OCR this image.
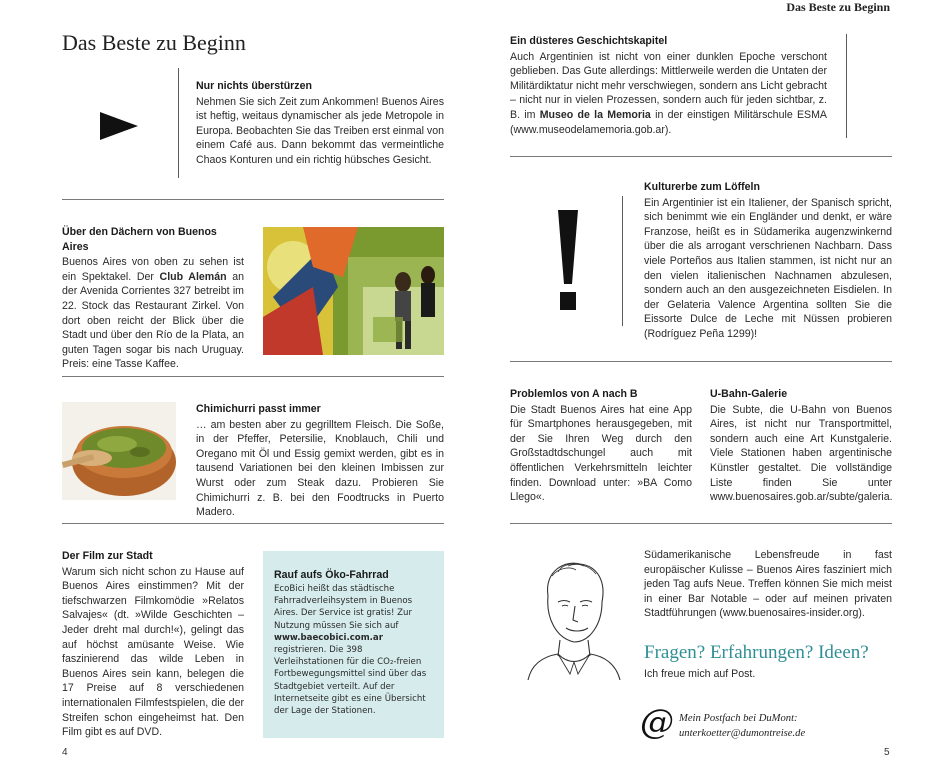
Das Beste zu Beginn
Das Beste zu Beginn
Nur nichts überstürzen
Nehmen Sie sich Zeit zum Ankommen! Buenos Aires ist heftig, weitaus dynamischer als jede Metropole in Europa. Beobachten Sie das Treiben erst einmal von einem Café aus. Dann bekommt das vermeintliche Chaos Konturen und ein richtig hübsches Gesicht.
Über den Dächern von Buenos Aires
Buenos Aires von oben zu sehen ist ein Spektakel. Der Club Alemán an der Avenida Corrientes 327 betreibt im 22. Stock das Restaurant Zirkel. Von dort oben reicht der Blick über die Stadt und über den Río de la Plata, an guten Tagen sogar bis nach Uruguay. Preis: eine Tasse Kaffee.
Chimichurri passt immer
… am besten aber zu gegrilltem Fleisch. Die Soße, in der Pfeffer, Petersilie, Knoblauch, Chili und Oregano mit Öl und Essig gemixt werden, gibt es in tausend Variationen bei den kleinen Imbissen zur Wurst oder zum Steak dazu. Probieren Sie Chimichurri z. B. bei den Foodtrucks in Puerto Madero.
Der Film zur Stadt
Warum sich nicht schon zu Hause auf Buenos Aires einstimmen? Mit der tiefschwarzen Filmkomödie »Relatos Salvajes« (dt. »Wilde Geschichten – Jeder dreht mal durch!«), gelingt das auf höchst amüsante Weise. Wie faszinierend das wilde Leben in Buenos Aires sein kann, belegen die 17 Preise auf 8 verschiedenen internationalen Filmfestspielen, die der Streifen schon eingeheimst hat. Den Film gibt es auf DVD.
Rauf aufs Öko-Fahrrad
EcoBici heißt das städtische Fahrradverleihsystem in Buenos Aires. Der Service ist gratis! Zur Nutzung müssen Sie sich auf www.baecobici.com.ar registrieren. Die 398 Verleihstationen für die CO₂-freien Fortbewegungsmittel sind über das Stadtgebiet verteilt. Auf der Internetseite gibt es eine Übersicht der Lage der Stationen.
4
Ein düsteres Geschichtskapitel
Auch Argentinien ist nicht von einer dunklen Epoche verschont geblieben. Das Gute allerdings: Mittlerweile werden die Untaten der Militärdiktatur nicht mehr verschwiegen, sondern ans Licht gebracht – nicht nur in vielen Prozessen, sondern auch für jeden sichtbar, z. B. im Museo de la Memoria in der einstigen Militärschule ESMA (www.museodelamemoria.gob.ar).
Kulturerbe zum Löffeln
Ein Argentinier ist ein Italiener, der Spanisch spricht, sich benimmt wie ein Engländer und denkt, er wäre Franzose, heißt es in Südamerika augenzwinkernd über die als arrogant verschrienen Nachbarn. Dass viele Porteños aus Italien stammen, ist nicht nur an den vielen italienischen Nachnamen abzulesen, sondern auch an den ausgezeichneten Eisdielen. In der Gelateria Valence Argentina sollten Sie die Eissorte Dulce de Leche mit Nüssen probieren (Rodríguez Peña 1299)!
Problemlos von A nach B
Die Stadt Buenos Aires hat eine App für Smartphones herausgegeben, mit der Sie Ihren Weg durch den Großstadtdschungel auch mit öffentlichen Verkehrsmitteln leichter finden. Download unter: »BA Como Llego«.
U-Bahn-Galerie
Die Subte, die U-Bahn von Buenos Aires, ist nicht nur Transportmittel, sondern auch eine Art Kunstgalerie. Viele Stationen haben argentinische Künstler gestaltet. Die vollständige Liste finden Sie unter www.buenosaires.gob.ar/subte/galeria.
Südamerikanische Lebensfreude in fast europäischer Kulisse – Buenos Aires fasziniert mich jeden Tag aufs Neue. Treffen können Sie mich meist in einer Bar Notable – oder auf meinen privaten Stadtführungen (www.buenosaires-insider.org).
Fragen? Erfahrungen? Ideen?
Ich freue mich auf Post.
@ Mein Postfach bei DuMont:
unterkoetter@dumontreise.de
5
